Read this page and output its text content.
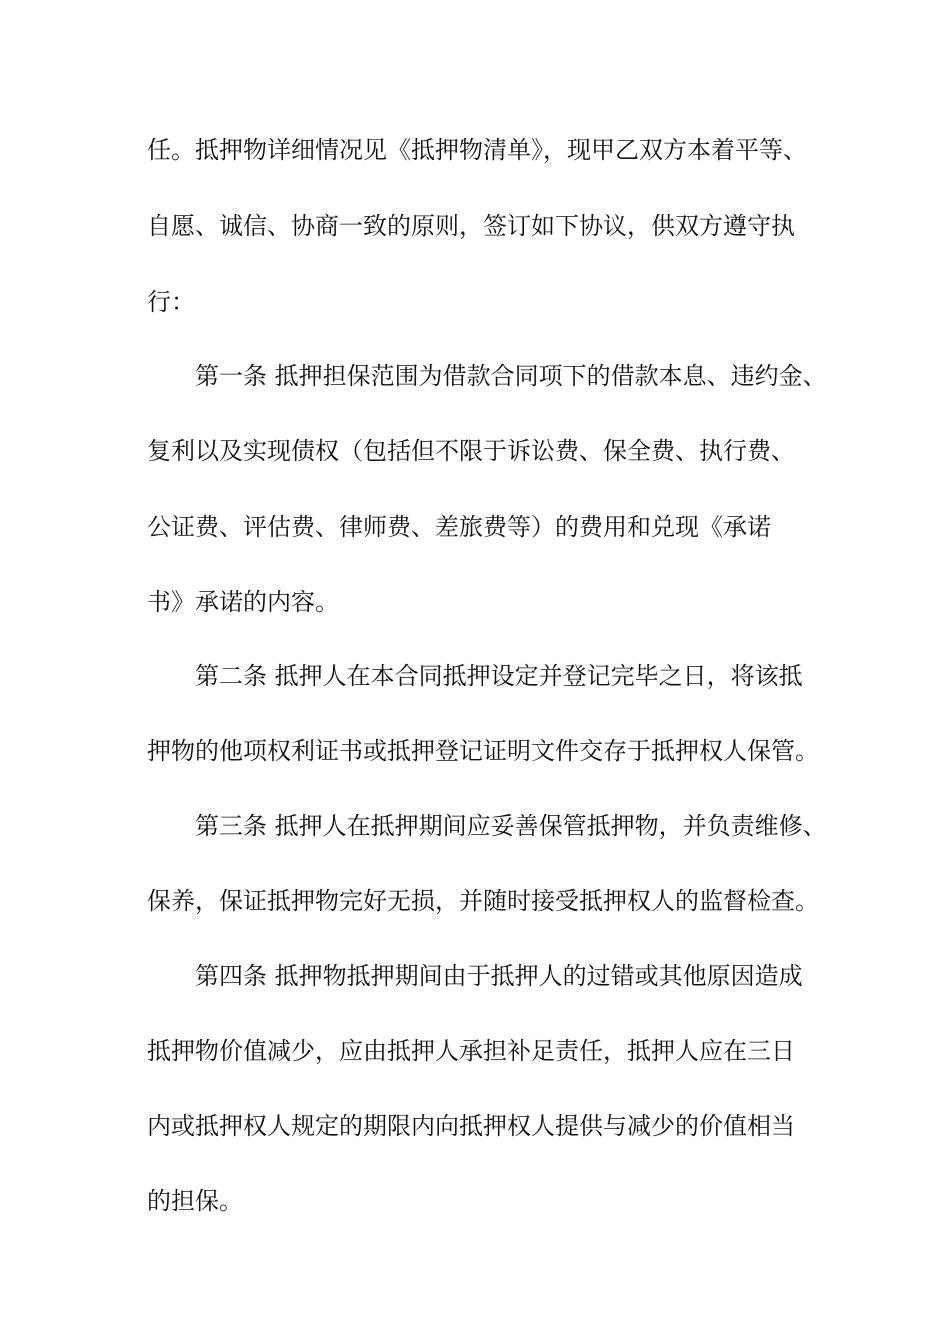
任。抵押物详细情况见《抵押物清单》，现甲乙双方本着平等、
自愿、诚信、协商一致的原则，签订如下协议，供双方遵守执
行：
第一条 抵押担保范围为借款合同项下的借款本息、违约金、
复利以及实现债权（包括但不限于诉讼费、保全费、执行费、
公证费、评估费、律师费、差旅费等）的费用和兑现《承诺
书》承诺的内容。
第二条 抵押人在本合同抵押设定并登记完毕之日，将该抵
押物的他项权利证书或抵押登记证明文件交存于抵押权人保管。
第三条 抵押人在抵押期间应妥善保管抵押物，并负责维修、
保养，保证抵押物完好无损，并随时接受抵押权人的监督检查。
第四条 抵押物抵押期间由于抵押人的过错或其他原因造成
抵押物价值减少，应由抵押人承担补足责任，抵押人应在三日
内或抵押权人规定的期限内向抵押权人提供与减少的价值相当
的担保。
